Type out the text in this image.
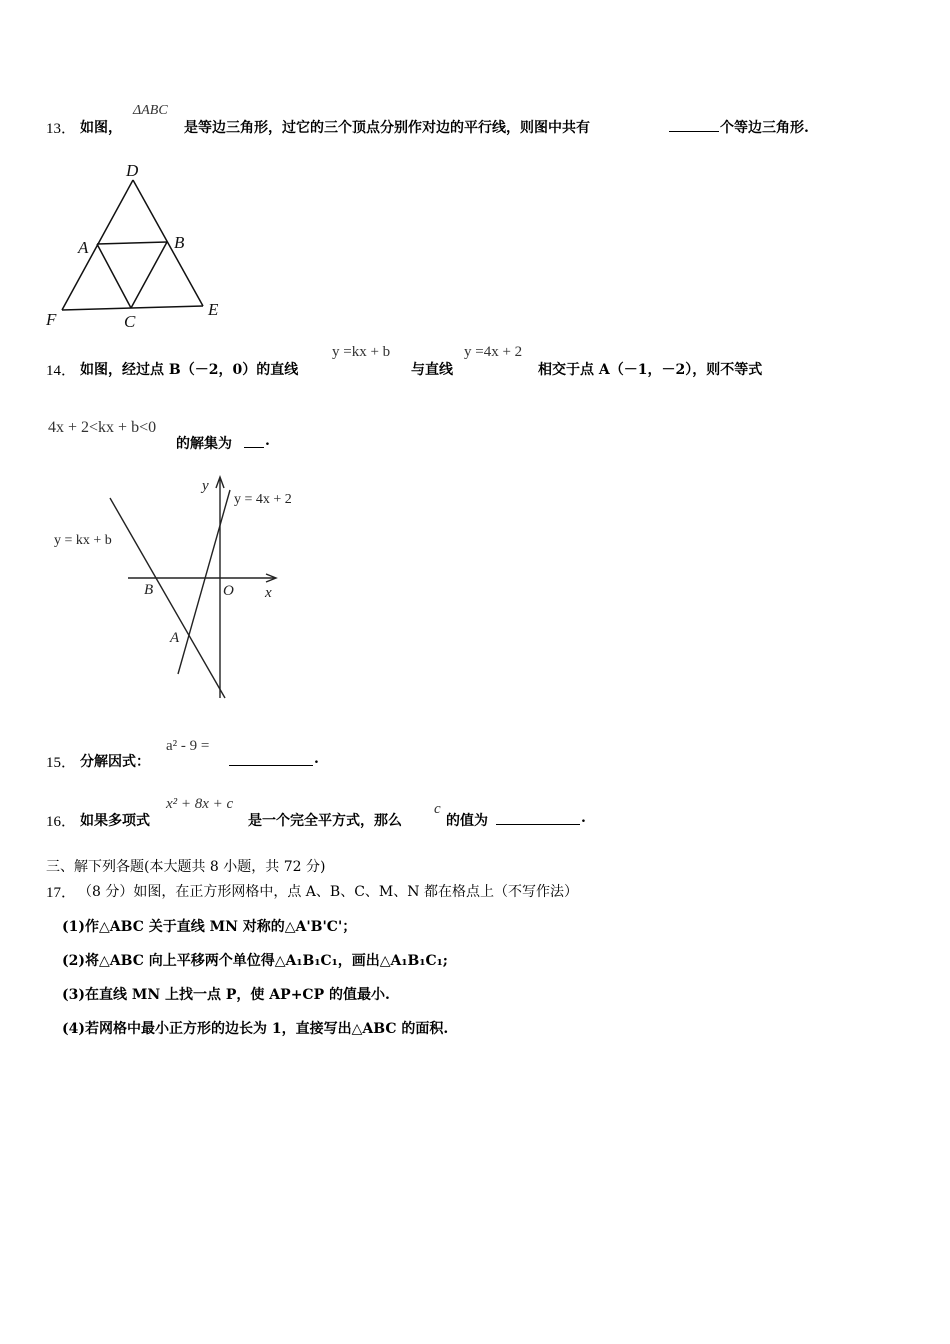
13． 如图，
ΔABC
是等边三角形，过它的三个顶点分别作对边的平行线，则图中共有	个等边三角形.
D
A	B
F	C
E
14． 如图，经过点 B（－2，0）的直线
y =kx + b
与直线
y =4x + 2
相交于点 A（－1，－2），则不等式
4x + 2<kx + b<0
的解集为 .
y
x
O
B
A
y = kx + b
y = 4x + 2
15． 分解因式：
a² - 9 =
.
16． 如果多项式
x² + 8x + c
是一个完全平方式，那么
c
的值为	.
三、解下列各题(本大题共 8 小题，共 72 分)
17． （8 分）如图，在正方形网格中，点 A、B、C、M、N 都在格点上（不写作法）
(1)作△ABC 关于直线 MN 对称的△A'B'C'；
(2)将△ABC 向上平移两个单位得△A₁B₁C₁，画出△A₁B₁C₁;
(3)在直线 MN 上找一点 P，使 AP+CP 的值最小.
(4)若网格中最小正方形的边长为 1，直接写出△ABC 的面积.
